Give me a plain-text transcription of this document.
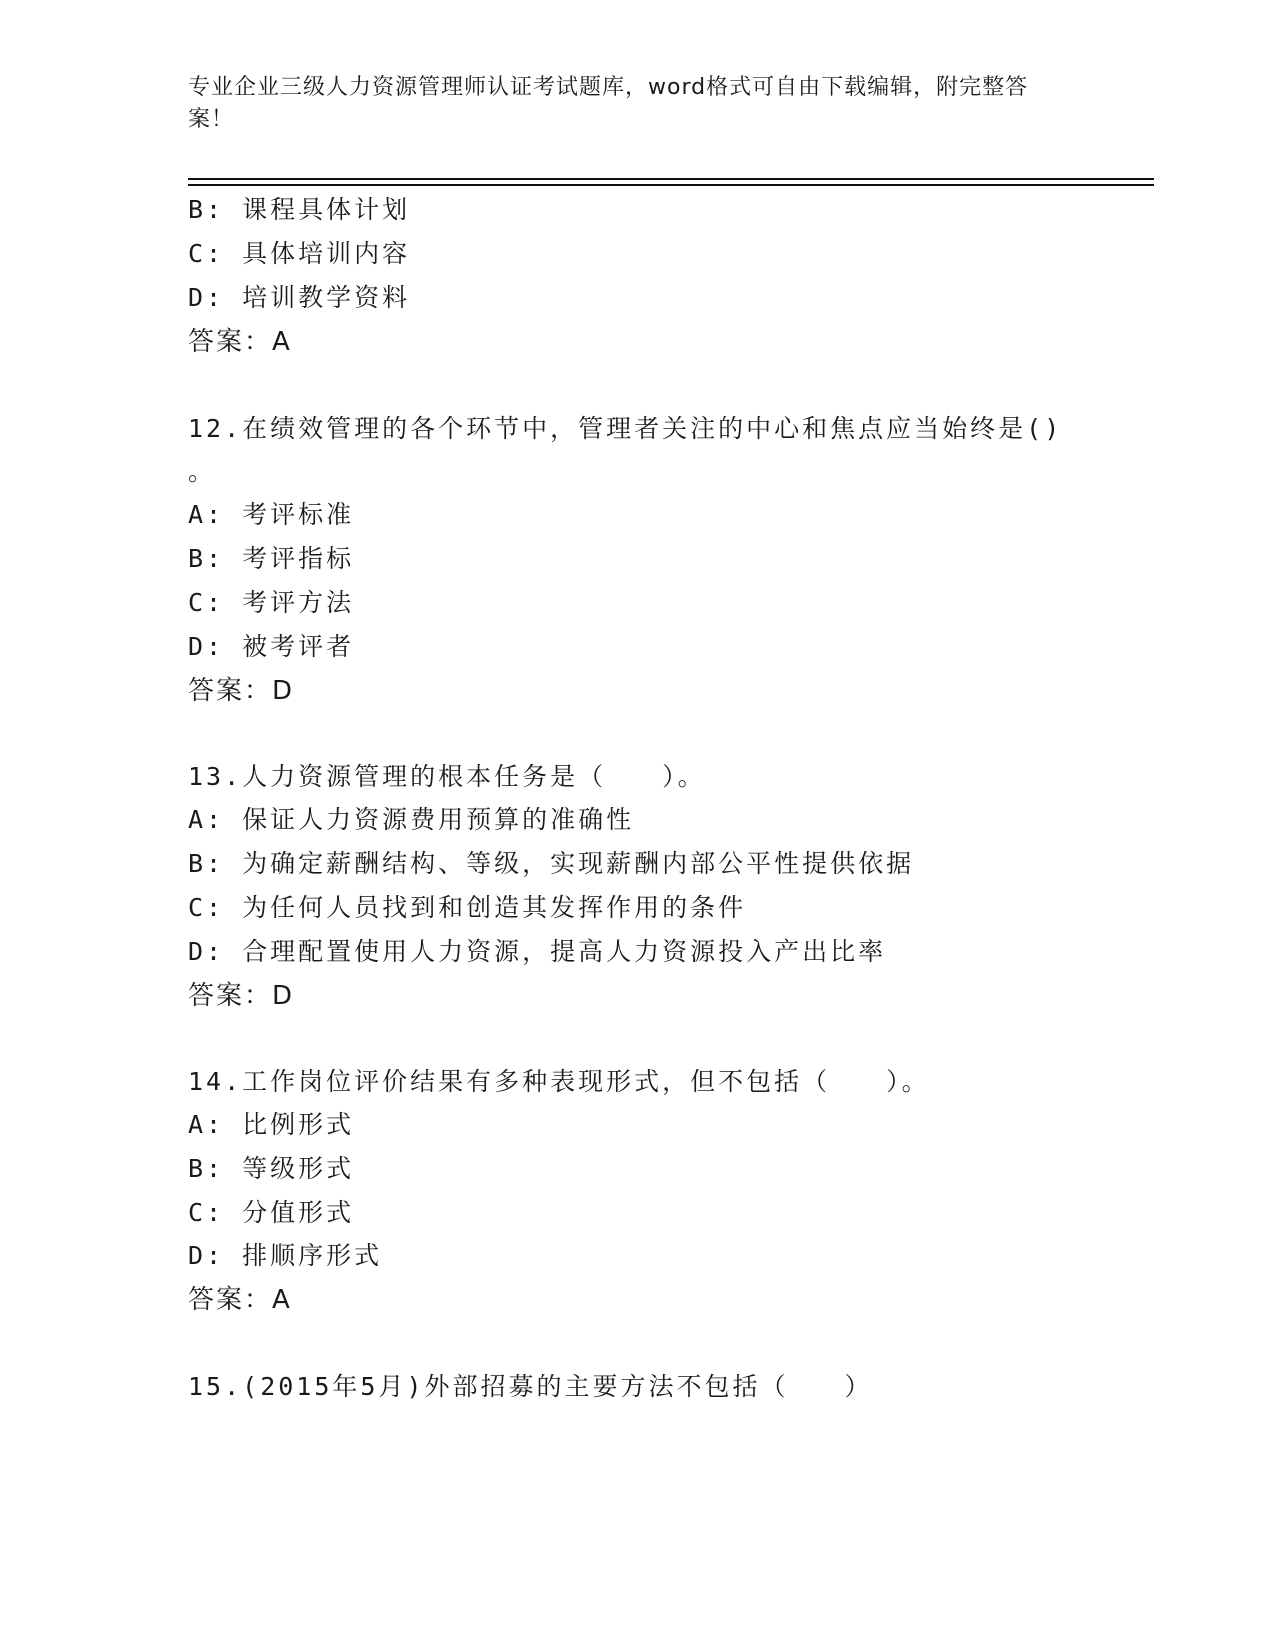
专业企业三级人力资源管理师认证考试题库，word格式可自由下载编辑，附完整答案！
B: 课程具体计划
C: 具体培训内容
D: 培训教学资料
答案：A
12.在绩效管理的各个环节中，管理者关注的中心和焦点应当始终是()
。
A: 考评标准
B: 考评指标
C: 考评方法
D: 被考评者
答案：D
13.人力资源管理的根本任务是（　　）。
A: 保证人力资源费用预算的准确性
B: 为确定薪酬结构、等级，实现薪酬内部公平性提供依据
C: 为任何人员找到和创造其发挥作用的条件
D: 合理配置使用人力资源，提高人力资源投入产出比率
答案：D
14.工作岗位评价结果有多种表现形式，但不包括（　　）。
A: 比例形式
B: 等级形式
C: 分值形式
D: 排顺序形式
答案：A
15.(2015年5月)外部招募的主要方法不包括（　　）
